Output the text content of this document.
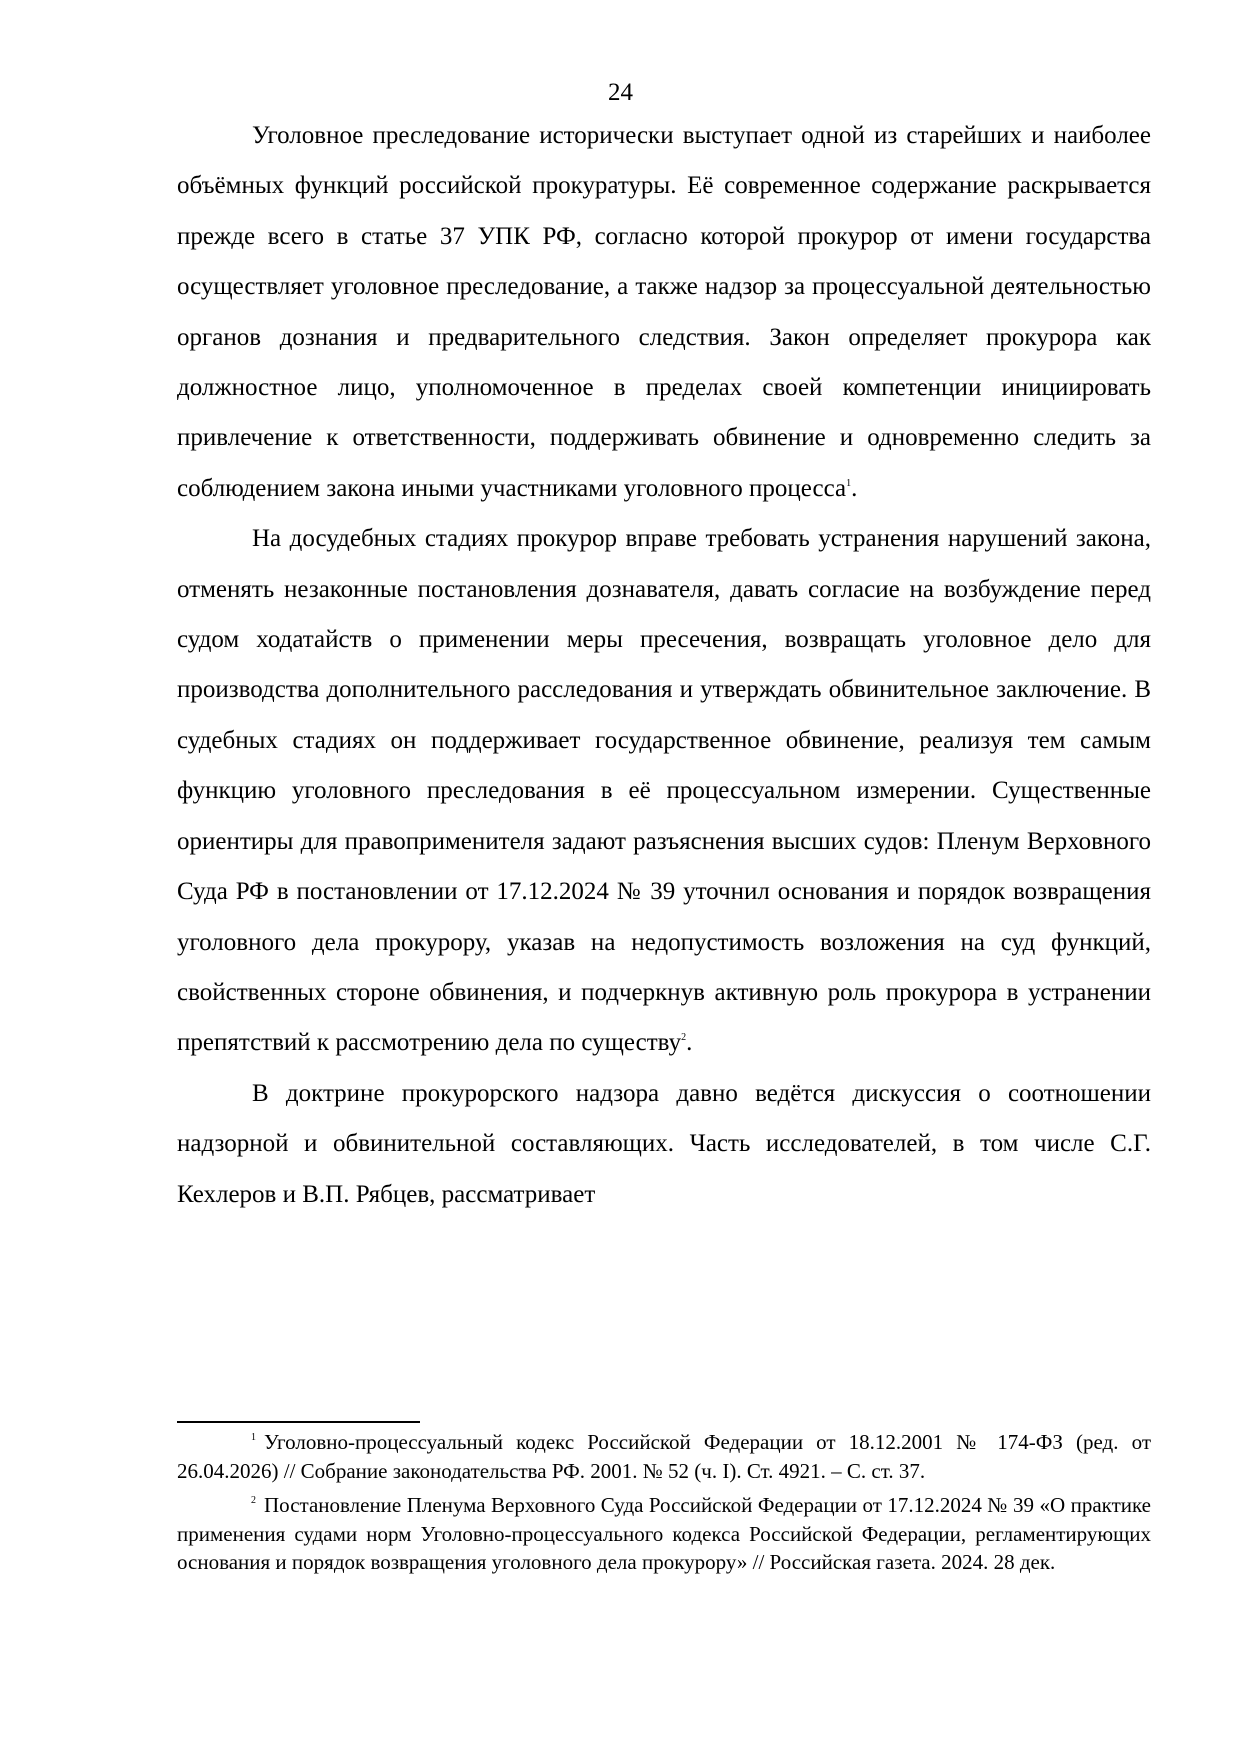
24

Уголовное преследование исторически выступает одной из старейших и наиболее объёмных функций российской прокуратуры. Её современное содержание раскрывается прежде всего в статье 37 УПК РФ, согласно которой прокурор от имени государства осуществляет уголовное преследование, а также надзор за процессуальной деятельностью органов дознания и предварительного следствия. Закон определяет прокурора как должностное лицо, уполномоченное в пределах своей компетенции инициировать привлечение к ответственности, поддерживать обвинение и одновременно следить за соблюдением закона иными участниками уголовного процесса$^1$.

На досудебных стадиях прокурор вправе требовать устранения нарушений закона, отменять незаконные постановления дознавателя, давать согласие на возбуждение перед судом ходатайств о применении меры пресечения, возвращать уголовное дело для производства дополнительного расследования и утверждать обвинительное заключение. В судебных стадиях он поддерживает государственное обвинение, реализуя тем самым функцию уголовного преследования в её процессуальном измерении. Существенные ориентиры для правоприменителя задают разъяснения высших судов: Пленум Верховного Суда РФ в постановлении от 17.12.2024 № 39 уточнил основания и порядок возвращения уголовного дела прокурору, указав на недопустимость возложения на суд функций, свойственных стороне обвинения, и подчеркнув активную роль прокурора в устранении препятствий к рассмотрению дела по существу$^2$.

В доктрине прокурорского надзора давно ведётся дискуссия о соотношении надзорной и обвинительной составляющих. Часть исследователей, в том числе С.Г. Кехлеров и В.П. Рябцев, рассматривает

$^1$ Уголовно-процессуальный кодекс Российской Федерации от 18.12.2001 № 174-ФЗ (ред. от 26.04.2026) // Собрание законодательства РФ. 2001. № 52 (ч. I). Ст. 4921. – С. ст. 37.

$^2$ Постановление Пленума Верховного Суда Российской Федерации от 17.12.2024 № 39 «О практике применения судами норм Уголовно-процессуального кодекса Российской Федерации, регламентирующих основания и порядок возвращения уголовного дела прокурору» // Российская газета. 2024. 28 дек.
